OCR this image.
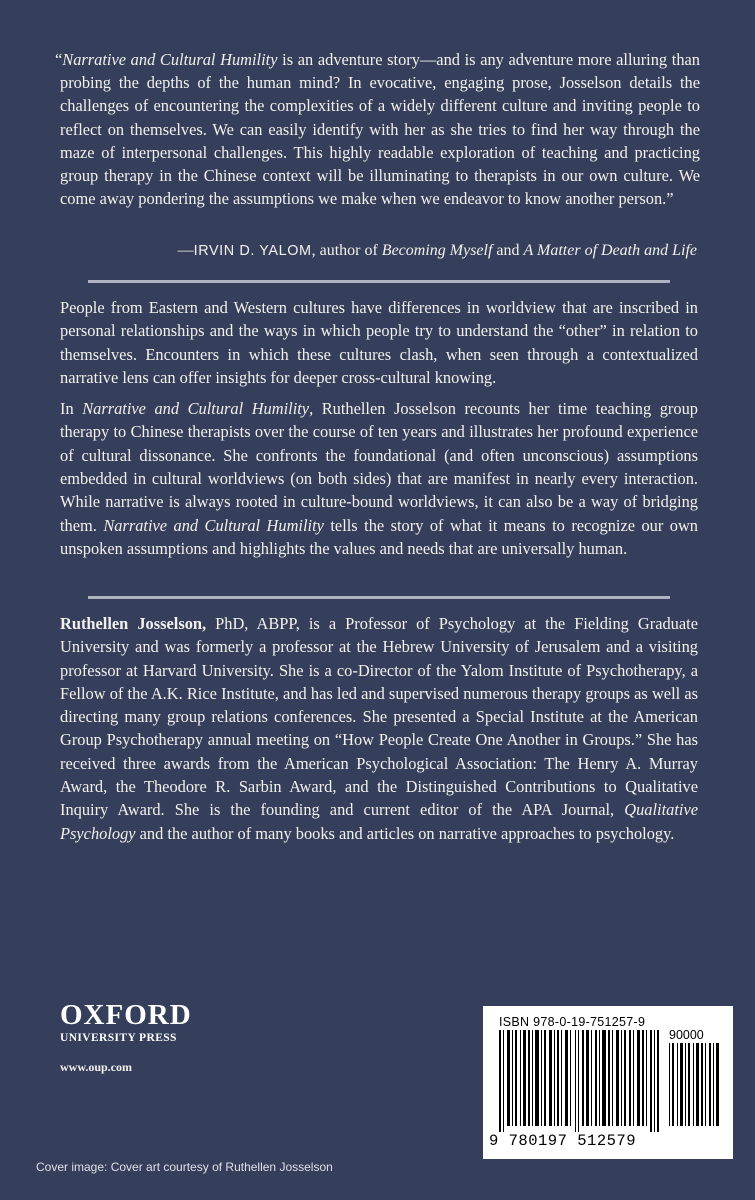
“Narrative and Cultural Humility is an adventure story—and is any adventure more alluring than probing the depths of the human mind? In evocative, engaging prose, Josselson details the challenges of encountering the complexities of a widely different culture and inviting people to reflect on themselves. We can easily identify with her as she tries to find her way through the maze of interpersonal challenges. This highly readable exploration of teaching and practicing group therapy in the Chinese context will be illuminating to therapists in our own culture. We come away pondering the assumptions we make when we endeavor to know another person.”
—IRVIN D. YALOM, author of Becoming Myself and A Matter of Death and Life

People from Eastern and Western cultures have differences in worldview that are inscribed in personal relationships and the ways in which people try to understand the “other” in relation to themselves. Encounters in which these cultures clash, when seen through a contextualized narrative lens can offer insights for deeper cross-cultural knowing.

In Narrative and Cultural Humility, Ruthellen Josselson recounts her time teaching group therapy to Chinese therapists over the course of ten years and illustrates her profound experience of cultural dissonance. She confronts the foundational (and often unconscious) assumptions embedded in cultural worldviews (on both sides) that are manifest in nearly every interaction. While narrative is always rooted in culture-bound worldviews, it can also be a way of bridging them. Narrative and Cultural Humility tells the story of what it means to recognize our own unspoken assumptions and highlights the values and needs that are universally human.

Ruthellen Josselson, PhD, ABPP, is a Professor of Psychology at the Fielding Graduate University and was formerly a professor at the Hebrew University of Jerusalem and a visiting professor at Harvard University. She is a co-Director of the Yalom Institute of Psychotherapy, a Fellow of the A.K. Rice Institute, and has led and supervised numerous therapy groups as well as directing many group relations conferences. She presented a Special Institute at the American Group Psychotherapy annual meeting on “How People Create One Another in Groups.” She has received three awards from the American Psychological Association: The Henry A. Murray Award, the Theodore R. Sarbin Award, and the Distinguished Contributions to Qualitative Inquiry Award. She is the founding and current editor of the APA Journal, Qualitative Psychology and the author of many books and articles on narrative approaches to psychology.
OXFORD
UNIVERSITY PRESS
www.oup.com
Cover image: Cover art courtesy of Ruthellen Josselson
ISBN 978-0-19-751257-9
90000
9 780197 512579
